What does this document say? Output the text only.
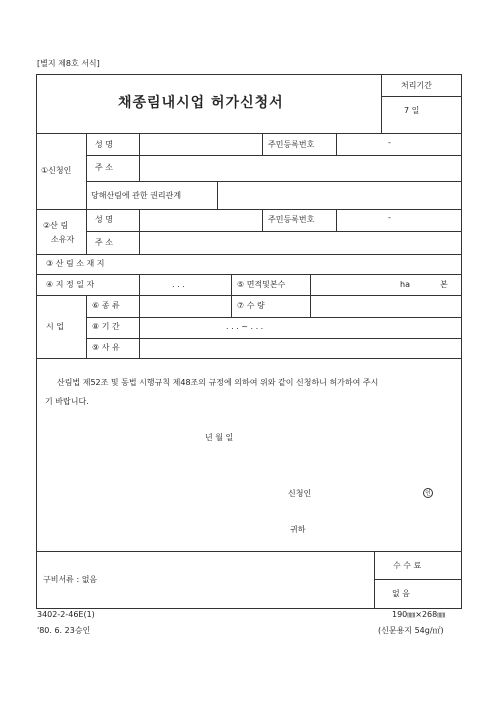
[별지 제8호 서식]
채종림내시업 허가신청서
처리기간
7 일
①신청인
성 명	주민등록번호	-
주 소
당해산림에 관한 권리관계
②산 림
소유자
성 명	주민등록번호	-
주 소
③ 산 림 소 재 지
④ 지 정 일 자	. . .	⑤ 면적및본수	ha	본
시 업
⑥ 종 류	⑦ 수 량
⑧ 기 간	. . . ~ . . .
⑨ 사 유
산림법 제52조 및 동법 시행규칙 제48조의 규정에 의하여 위와 같이 신청하니 허가하여 주시
기 바랍니다.
년 월 일
신청인	인
귀하
구비서류 : 없음
수 수 료
없 음
3402-2-46E(1)	190㎜×268㎜
'80. 6. 23승인	(신문용지 54g/㎡)
